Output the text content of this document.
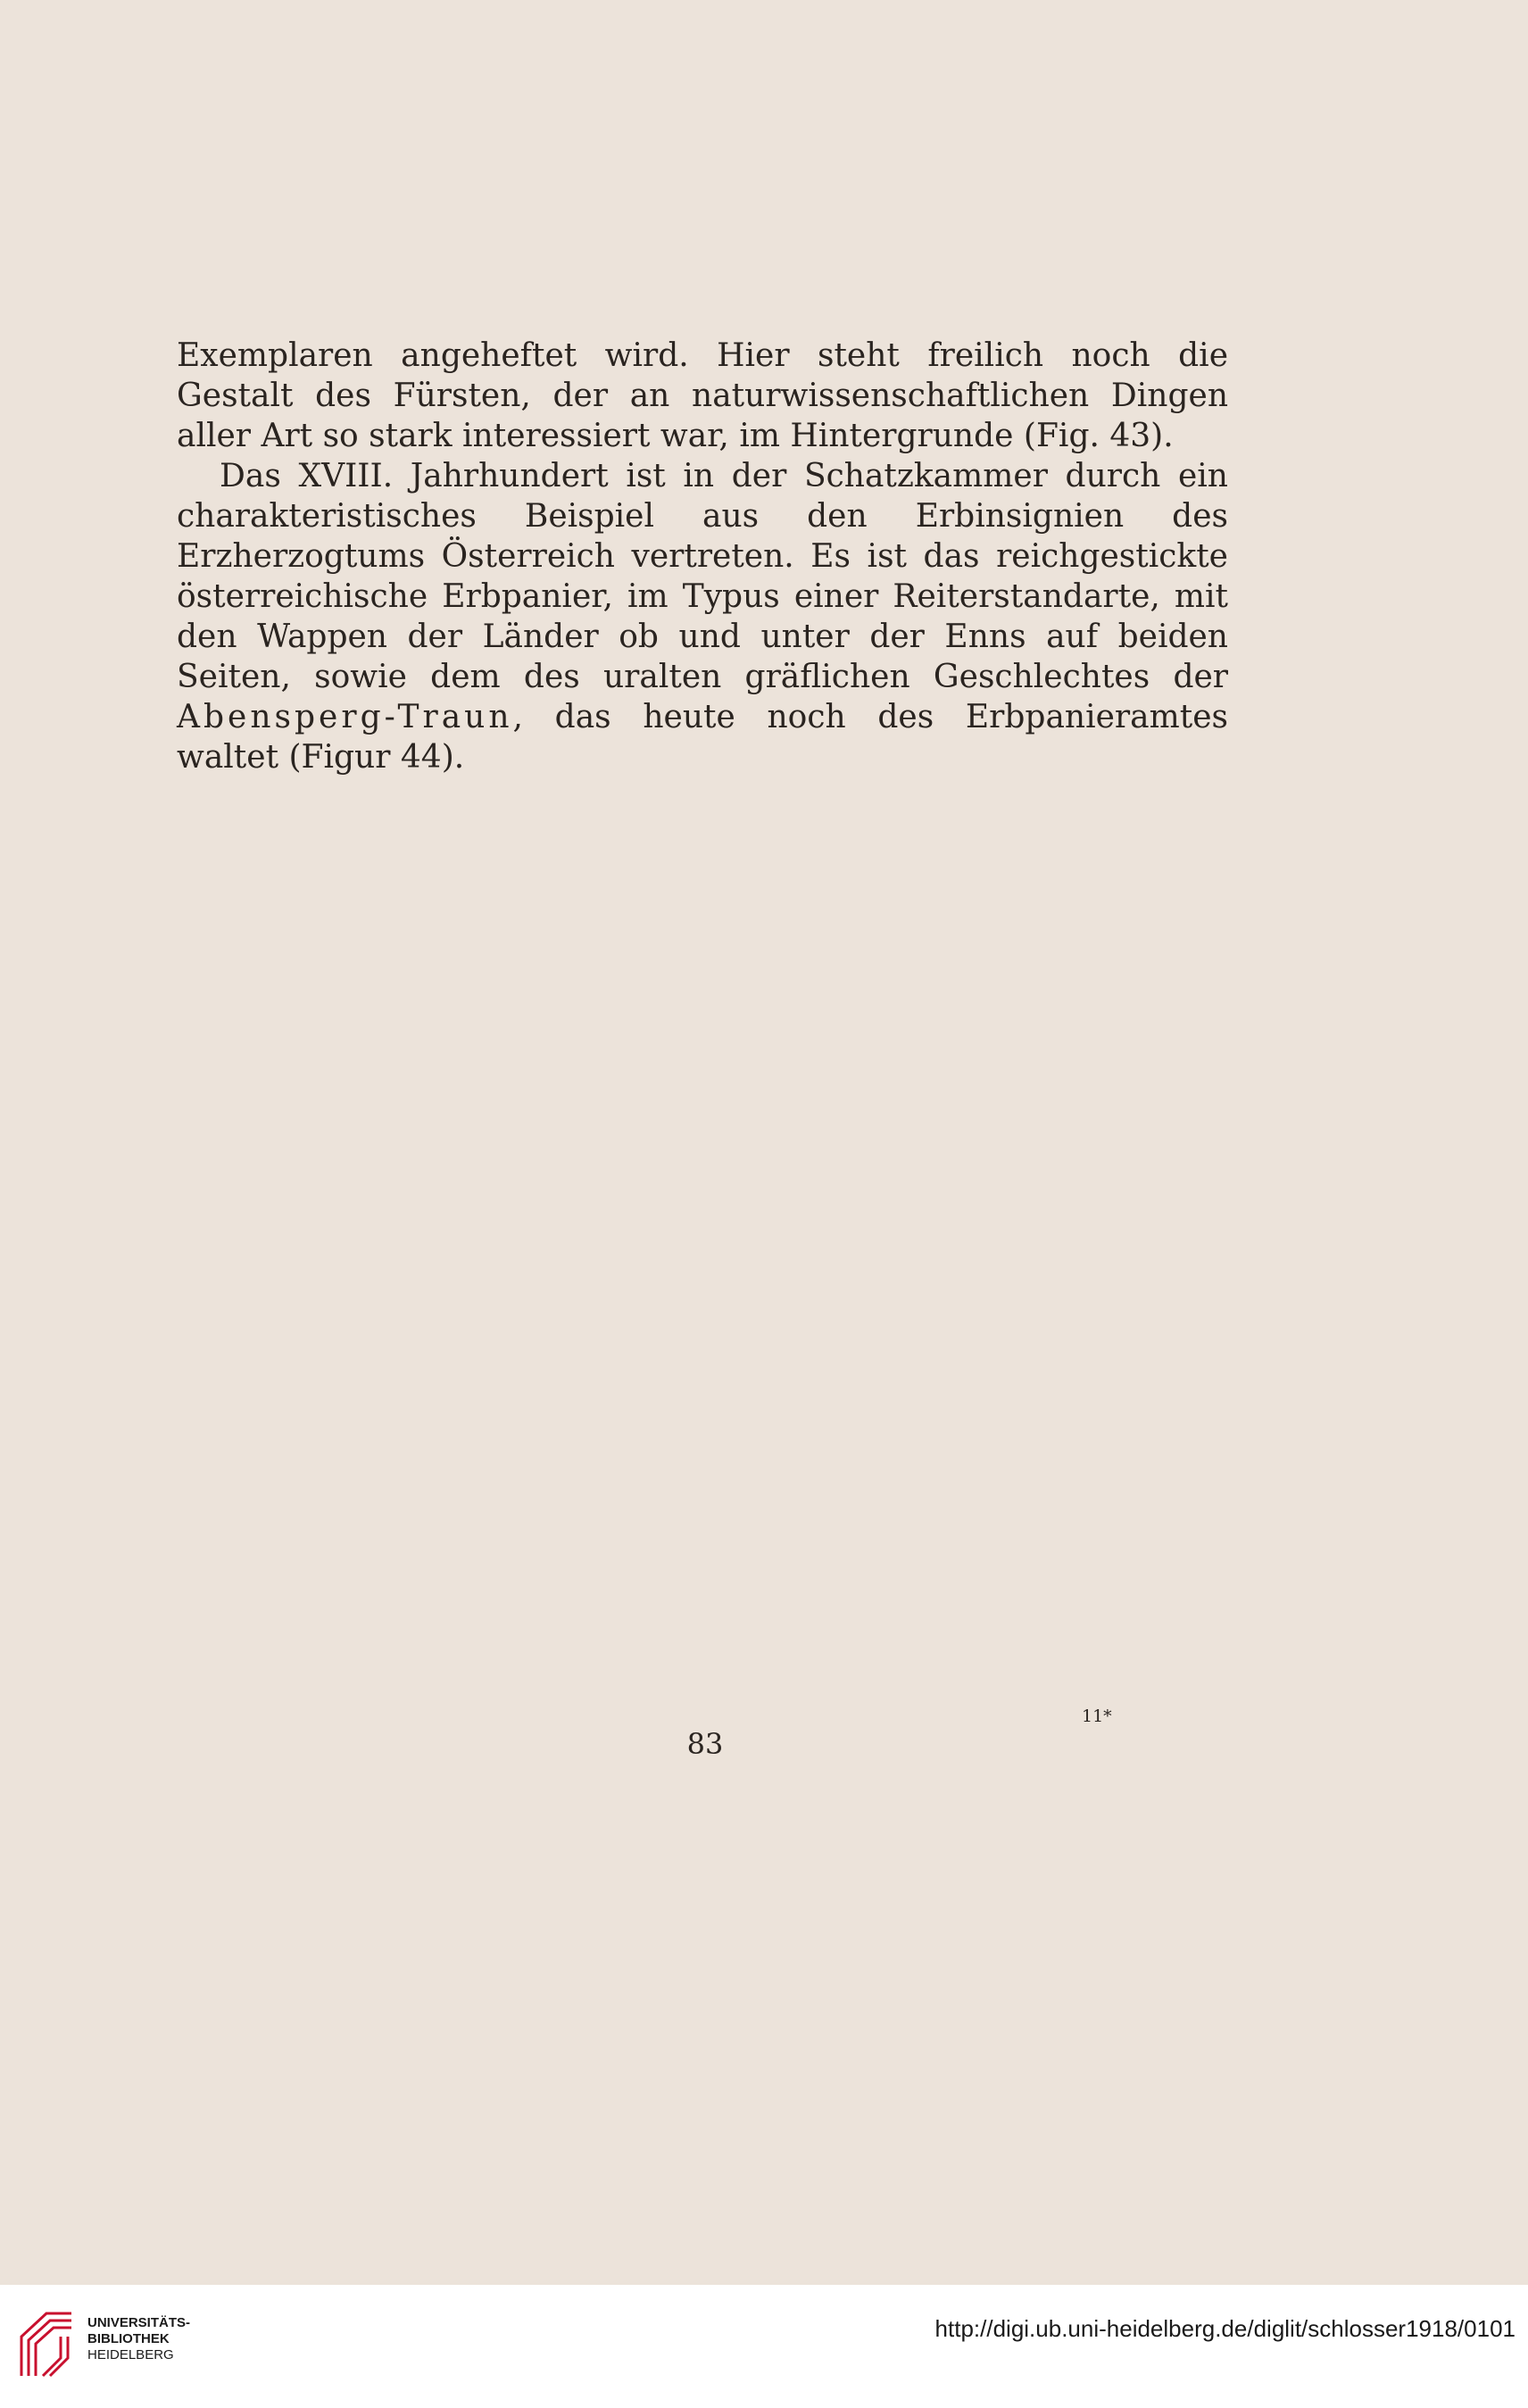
Exemplaren angeheftet wird. Hier steht freilich noch die Gestalt des Fürsten, der an naturwissenschaftlichen Dingen aller Art so stark interessiert war, im Hintergrunde (Fig. 43).

Das XVIII. Jahrhundert ist in der Schatzkammer durch ein charakteristisches Beispiel aus den Erbinsignien des Erzherzogtums Österreich vertreten. Es ist das reichgestickte österreichische Erbpanier, im Typus einer Reiterstandarte, mit den Wappen der Länder ob und unter der Enns auf beiden Seiten, sowie dem des uralten gräflichen Geschlechtes der Abensperg-Traun, das heute noch des Erbpanieramtes waltet (Figur 44).

11*
83
UNIVERSITÄTS-
BIBLIOTHEK
HEIDELBERG
http://digi.ub.uni-heidelberg.de/diglit/schlosser1918/0101
